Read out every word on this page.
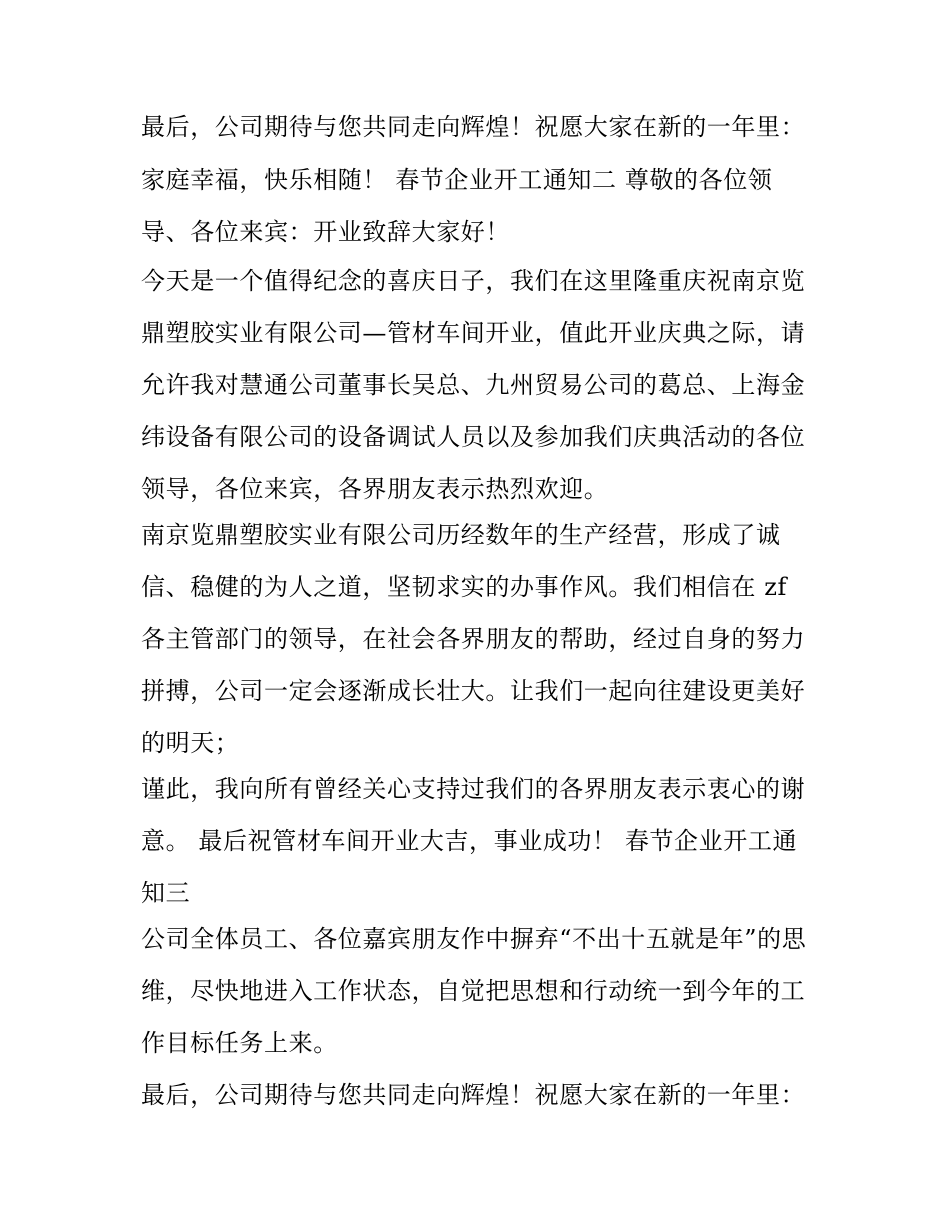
最后，公司期待与您共同走向辉煌！祝愿大家在新的一年里：
家庭幸福，快乐相随！ 春节企业开工通知二 尊敬的各位领
导、各位来宾：开业致辞大家好！
今天是一个值得纪念的喜庆日子，我们在这里隆重庆祝南京览
鼎塑胶实业有限公司—管材车间开业，值此开业庆典之际，请
允许我对慧通公司董事长吴总、九州贸易公司的葛总、上海金
纬设备有限公司的设备调试人员以及参加我们庆典活动的各位
领导，各位来宾，各界朋友表示热烈欢迎。
南京览鼎塑胶实业有限公司历经数年的生产经营，形成了诚
信、稳健的为人之道，坚韧求实的办事作风。我们相信在 zf
各主管部门的领导，在社会各界朋友的帮助，经过自身的努力
拼搏，公司一定会逐渐成长壮大。让我们一起向往建设更美好
的明天；
谨此，我向所有曾经关心支持过我们的各界朋友表示衷心的谢
意。 最后祝管材车间开业大吉，事业成功！ 春节企业开工通
知三
公司全体员工、各位嘉宾朋友作中摒弃“不出十五就是年”的思
维，尽快地进入工作状态，自觉把思想和行动统一到今年的工
作目标任务上来。
最后，公司期待与您共同走向辉煌！祝愿大家在新的一年里：
